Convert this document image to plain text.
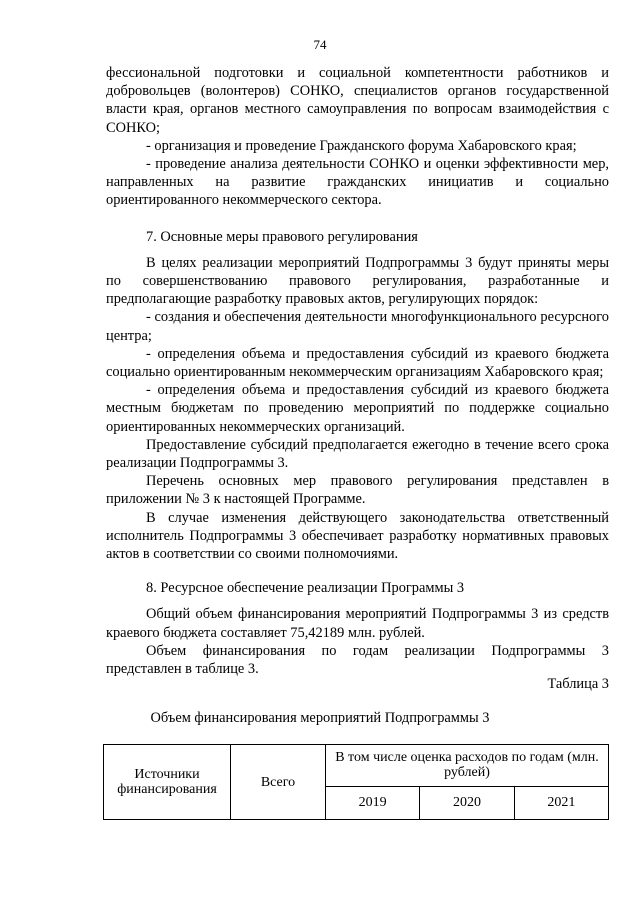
74

фессиональной подготовки и социальной компетентности работников и добровольцев (волонтеров) СОНКО, специалистов органов государственной власти края, органов местного самоуправления по вопросам взаимодействия с СОНКО;

- организация и проведение Гражданского форума Хабаровского края;

- проведение анализа деятельности СОНКО и оценки эффективности мер, направленных на развитие гражданских инициатив и социально ориентированного некоммерческого сектора.

7. Основные меры правового регулирования

В целях реализации мероприятий Подпрограммы 3 будут приняты меры по совершенствованию правового регулирования, разработанные и предполагающие разработку правовых актов, регулирующих порядок:

- создания и обеспечения деятельности многофункционального ресурсного центра;

- определения объема и предоставления субсидий из краевого бюджета социально ориентированным некоммерческим организациям Хабаровского края;

- определения объема и предоставления субсидий из краевого бюджета местным бюджетам по проведению мероприятий по поддержке социально ориентированных некоммерческих организаций.

Предоставление субсидий предполагается ежегодно в течение всего срока реализации Подпрограммы 3.

Перечень основных мер правового регулирования представлен в приложении № 3 к настоящей Программе.

В случае изменения действующего законодательства ответственный исполнитель Подпрограммы 3 обеспечивает разработку нормативных правовых актов в соответствии со своими полномочиями.

8. Ресурсное обеспечение реализации Программы 3

Общий объем финансирования мероприятий Подпрограммы 3 из средств краевого бюджета составляет 75,42189 млн. рублей.

Объем финансирования по годам реализации Подпрограммы 3 представлен в таблице 3.

Таблица 3
Объем финансирования мероприятий Подпрограммы 3
Источники финансирования	Всего	В том числе оценка расходов по годам (млн. рублей)		
		2019	2020	2021
